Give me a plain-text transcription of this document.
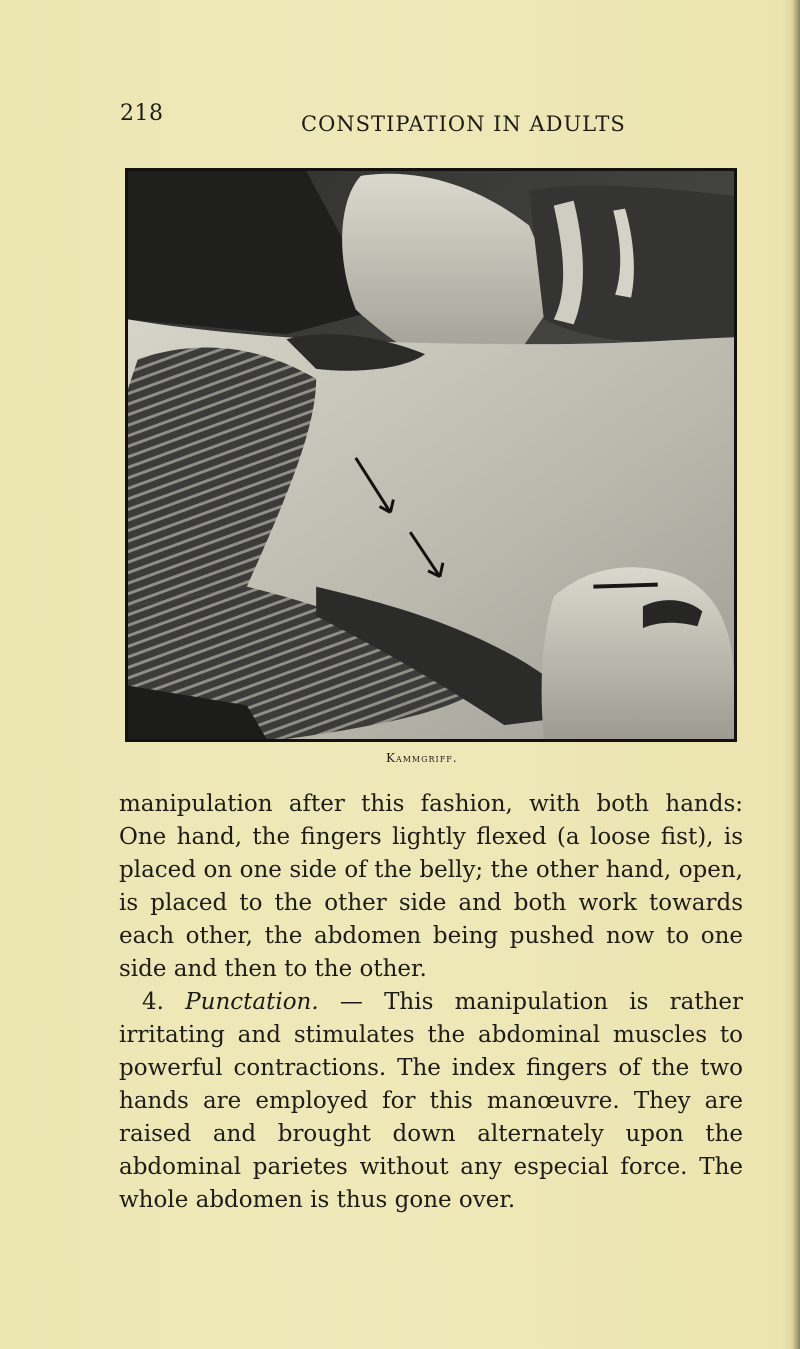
218	CONSTIPATION IN ADULTS
Kammgriff.

manipulation after this fashion, with both hands: One hand, the fingers lightly flexed (a loose fist), is placed on one side of the belly; the other hand, open, is placed to the other side and both work towards each other, the abdomen being pushed now to one side and then to the other.

4. Punctation. — This manipulation is rather irritating and stimulates the abdominal muscles to powerful contractions. The index fingers of the two hands are employed for this manœuvre. They are raised and brought down alternately upon the abdominal parietes without any especial force. The whole abdomen is thus gone over.
